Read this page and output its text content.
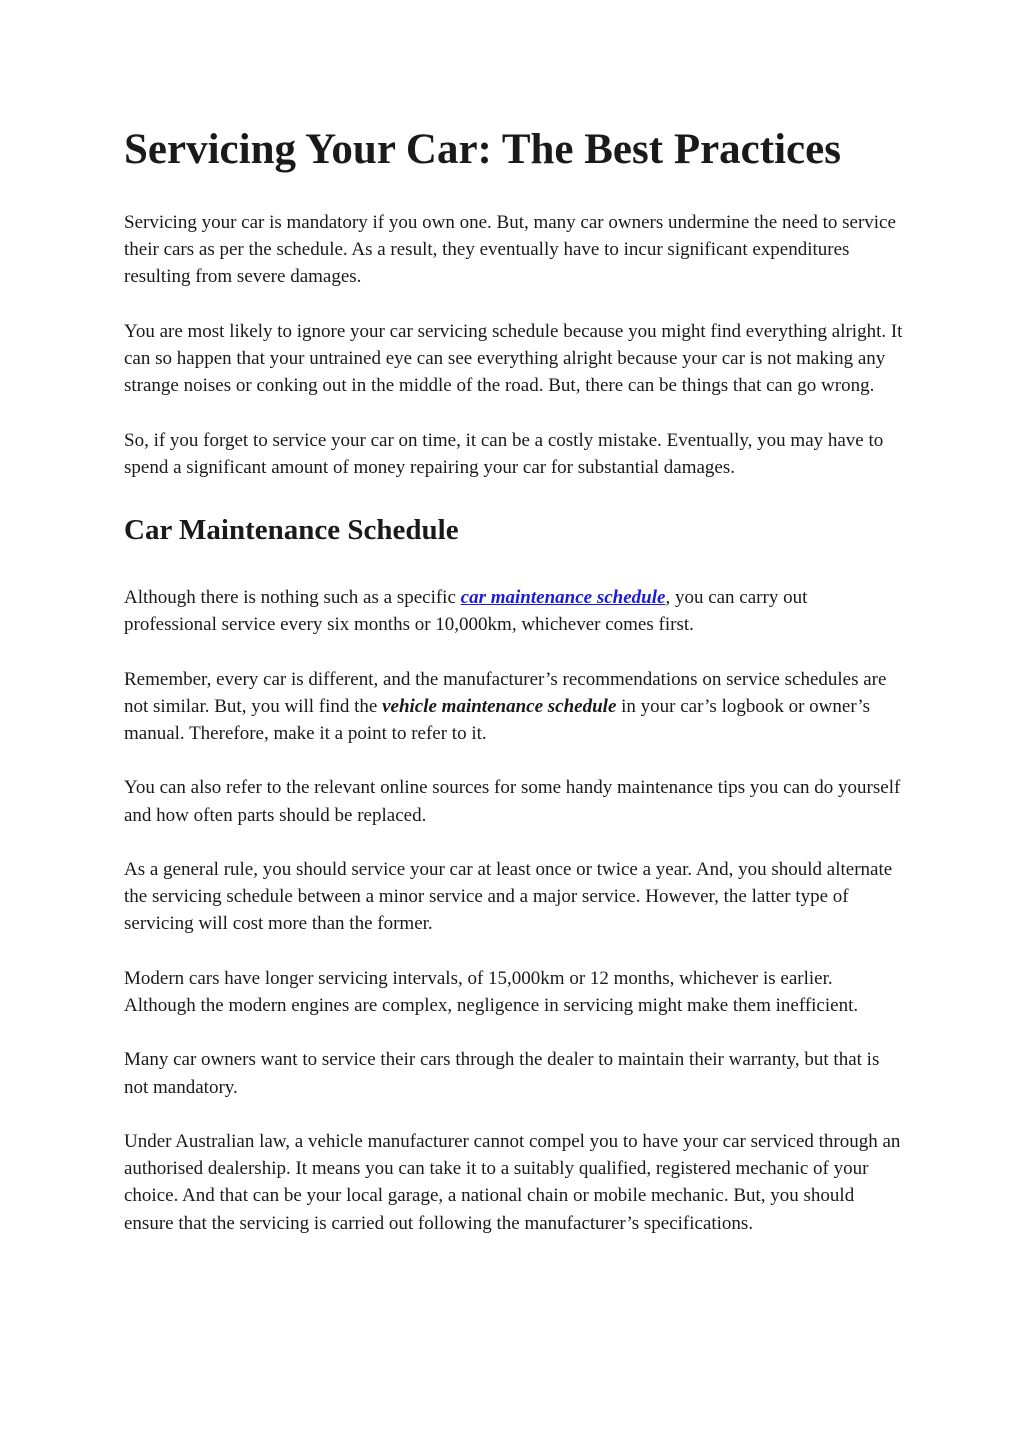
Servicing Your Car: The Best Practices

Servicing your car is mandatory if you own one. But, many car owners undermine the need to service their cars as per the schedule. As a result, they eventually have to incur significant expenditures resulting from severe damages.

You are most likely to ignore your car servicing schedule because you might find everything alright. It can so happen that your untrained eye can see everything alright because your car is not making any strange noises or conking out in the middle of the road. But, there can be things that can go wrong.

So, if you forget to service your car on time, it can be a costly mistake. Eventually, you may have to spend a significant amount of money repairing your car for substantial damages.

Car Maintenance Schedule

Although there is nothing such as a specific car maintenance schedule, you can carry out professional service every six months or 10,000km, whichever comes first.

Remember, every car is different, and the manufacturer’s recommendations on service schedules are not similar. But, you will find the vehicle maintenance schedule in your car’s logbook or owner’s manual. Therefore, make it a point to refer to it.

You can also refer to the relevant online sources for some handy maintenance tips you can do yourself and how often parts should be replaced.

As a general rule, you should service your car at least once or twice a year. And, you should alternate the servicing schedule between a minor service and a major service. However, the latter type of servicing will cost more than the former.

Modern cars have longer servicing intervals, of 15,000km or 12 months, whichever is earlier. Although the modern engines are complex, negligence in servicing might make them inefficient.

Many car owners want to service their cars through the dealer to maintain their warranty, but that is not mandatory.

Under Australian law, a vehicle manufacturer cannot compel you to have your car serviced through an authorised dealership. It means you can take it to a suitably qualified, registered mechanic of your choice. And that can be your local garage, a national chain or mobile mechanic. But, you should ensure that the servicing is carried out following the manufacturer’s specifications.
